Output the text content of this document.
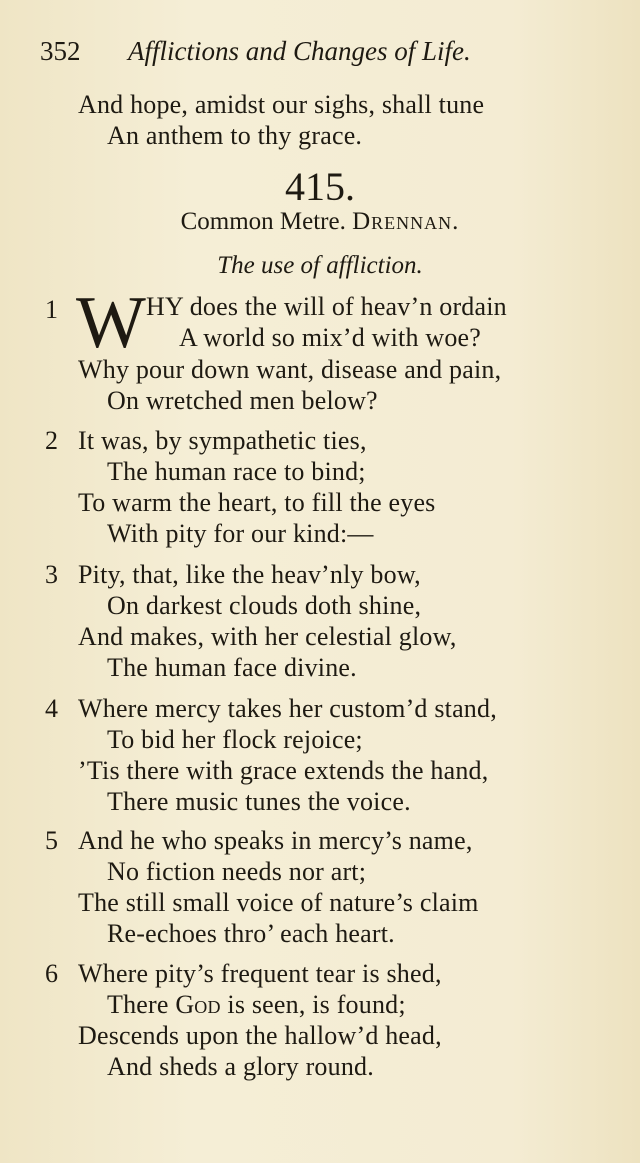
352 Afflictions and Changes of Life.
And hope, amidst our sighs, shall tune
An anthem to thy grace.
415.
Common Metre. Drennan.
The use of affliction.
1 W HY does the will of heav’n ordain
A world so mix’d with woe?
Why pour down want, disease and pain,
On wretched men below?
2 It was, by sympathetic ties,
The human race to bind;
To warm the heart, to fill the eyes
With pity for our kind:—
3 Pity, that, like the heav’nly bow,
On darkest clouds doth shine,
And makes, with her celestial glow,
The human face divine.
4 Where mercy takes her custom’d stand,
To bid her flock rejoice;
’Tis there with grace extends the hand,
There music tunes the voice.
5 And he who speaks in mercy’s name,
No fiction needs nor art;
The still small voice of nature’s claim
Re-echoes thro’ each heart.
6 Where pity’s frequent tear is shed,
There God is seen, is found;
Descends upon the hallow’d head,
And sheds a glory round.
